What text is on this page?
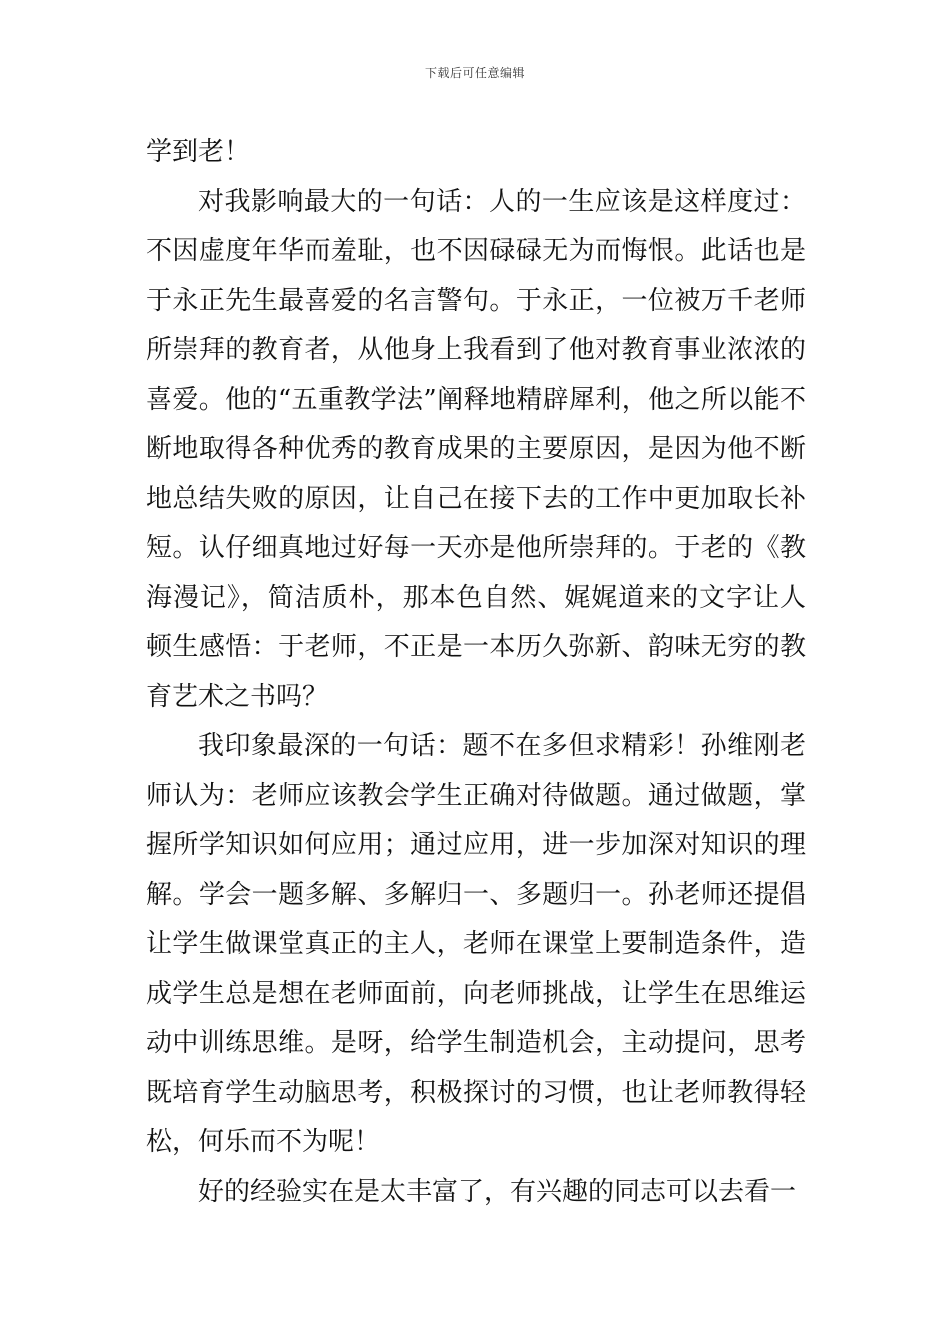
下载后可任意编辑

学到老！

对我影响最大的一句话：人的一生应该是这样度过：不因虚度年华而羞耻，也不因碌碌无为而悔恨。此话也是于永正先生最喜爱的名言警句。于永正，一位被万千老师所崇拜的教育者，从他身上我看到了他对教育事业浓浓的喜爱。他的“五重教学法”阐释地精辟犀利，他之所以能不断地取得各种优秀的教育成果的主要原因，是因为他不断地总结失败的原因，让自己在接下去的工作中更加取长补短。认仔细真地过好每一天亦是他所崇拜的。于老的《教海漫记》，简洁质朴，那本色自然、娓娓道来的文字让人顿生感悟：于老师，不正是一本历久弥新、韵味无穷的教育艺术之书吗？

我印象最深的一句话：题不在多但求精彩！孙维刚老师认为：老师应该教会学生正确对待做题。通过做题，掌握所学知识如何应用；通过应用，进一步加深对知识的理解。学会一题多解、多解归一、多题归一。孙老师还提倡让学生做课堂真正的主人，老师在课堂上要制造条件，造成学生总是想在老师面前，向老师挑战，让学生在思维运动中训练思维。是呀，给学生制造机会，主动提问，思考既培育学生动脑思考，积极探讨的习惯，也让老师教得轻松，何乐而不为呢！

好的经验实在是太丰富了，有兴趣的同志可以去看一
